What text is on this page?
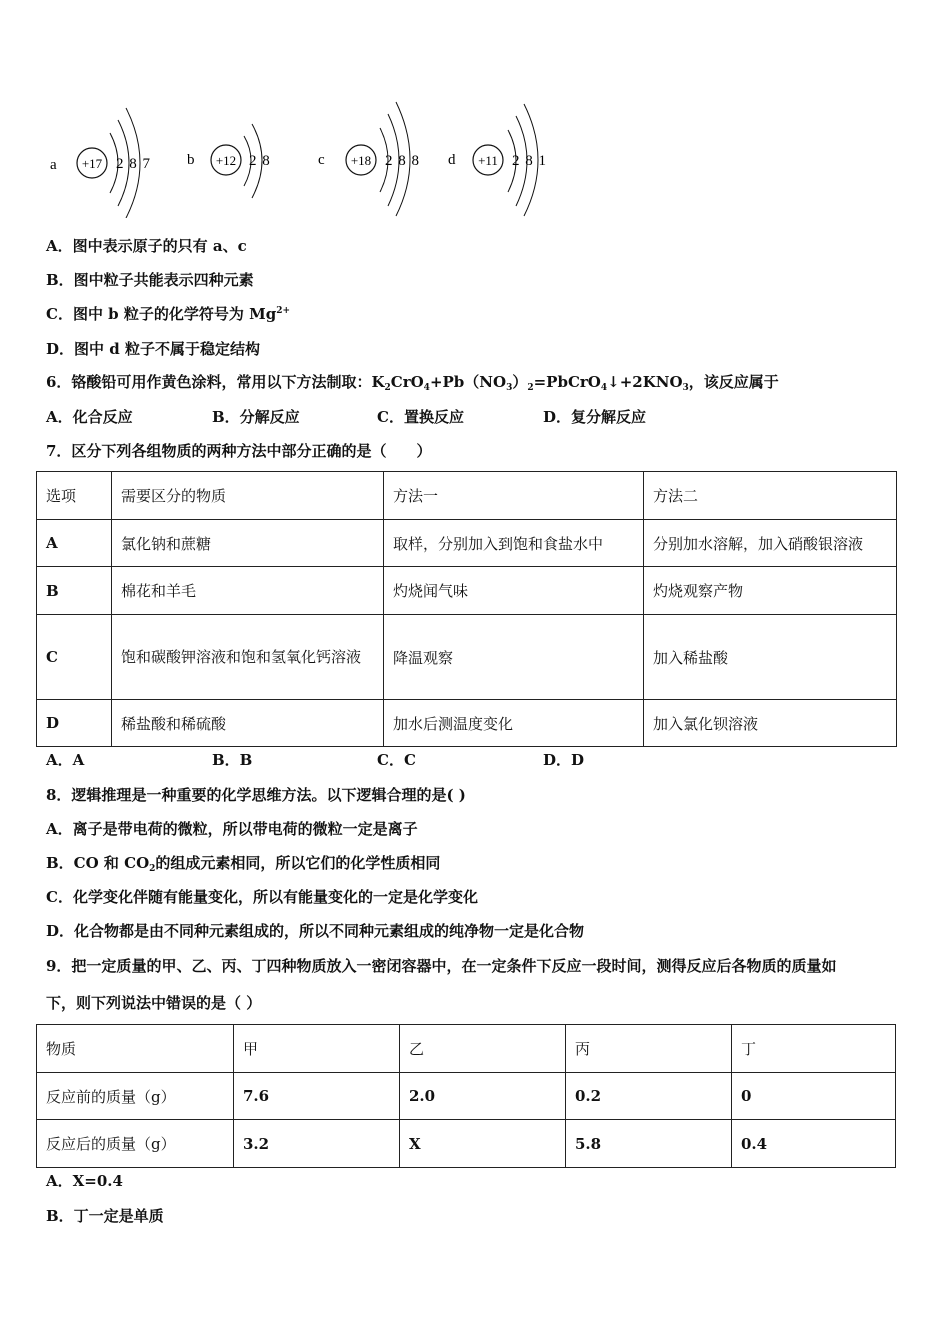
a +17 2 8 7 b +12 2 8	c +18 2 8 8 d +11 2 8 1
A．图中表示原子的只有 a、c
B．图中粒子共能表示四种元素
C．图中 b 粒子的化学符号为 $Mg^{2+}$
D．图中 d 粒子不属于稳定结构
6．铬酸铅可用作黄色涂料，常用以下方法制取：$K_2CrO_4+Pb(NO_3)_2=PbCrO_4↓+2KNO_3$，该反应属于
A．化合反应	B．分解反应	C．置换反应	D．复分解反应
7．区分下列各组物质的两种方法中部分正确的是（　　）
选项	需要区分的物质	方法一	方法二
A	氯化钠和蔗糖	取样，分别加入到饱和食盐水中	分别加水溶解，加入硝酸银溶液
B	棉花和羊毛	灼烧闻气味	灼烧观察产物
C	饱和碳酸钾溶液和饱和氢氧化钙溶液	降温观察	加入稀盐酸
D	稀盐酸和稀硫酸	加水后测温度变化	加入氯化钡溶液
A．A	B．B	C．C	D．D
8．逻辑推理是一种重要的化学思维方法。以下逻辑合理的是( )
A．离子是带电荷的微粒，所以带电荷的微粒一定是离子
B．CO 和 $CO_2$的组成元素相同，所以它们的化学性质相同
C．化学变化伴随有能量变化，所以有能量变化的一定是化学变化
D．化合物都是由不同种元素组成的，所以不同种元素组成的纯净物一定是化合物
9．把一定质量的甲、乙、丙、丁四种物质放入一密闭容器中，在一定条件下反应一段时间，测得反应后各物质的质量如
下，则下列说法中错误的是（ ）
物质	甲	乙	丙	丁
反应前的质量（g）	7.6	2.0	0.2	0
反应后的质量（g）	3.2	X	5.8	0.4
A．X=0.4
B．丁一定是单质
